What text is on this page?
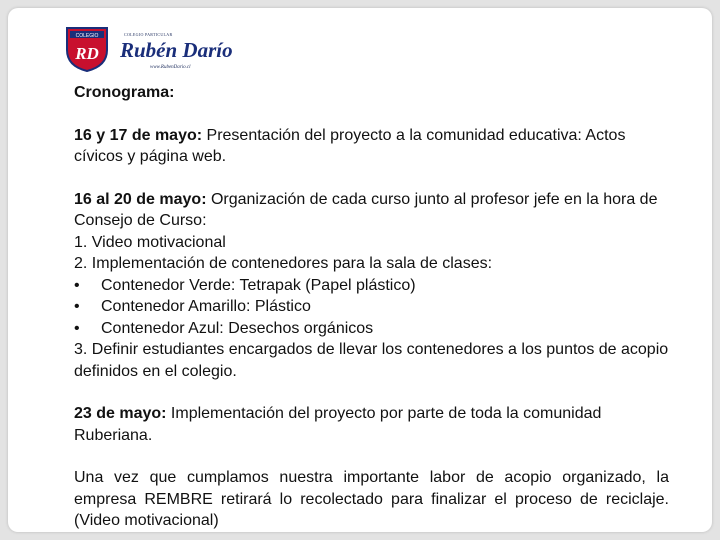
COLEGIO
RD
COLEGIO PARTICULAR
Rubén Darío
www.RubenDario.cl

Cronograma:

16 y 17 de mayo: Presentación del proyecto a la comunidad educativa: Actos cívicos y página web.

16 al 20 de mayo: Organización de cada curso junto al profesor jefe en la hora de Consejo de Curso:

1. Video motivacional

2. Implementación de contenedores para la sala de clases:

• Contenedor Verde: Tetrapak (Papel plástico)

• Contenedor Amarillo: Plástico

• Contenedor Azul: Desechos orgánicos

3. Definir estudiantes encargados de llevar los contenedores a los puntos de acopio definidos en el colegio.

23 de mayo: Implementación del proyecto por parte de toda la comunidad Ruberiana.

Una vez que cumplamos nuestra importante labor de acopio organizado, la empresa REMBRE retirará lo recolectado para finalizar el proceso de reciclaje. (Video motivacional)
